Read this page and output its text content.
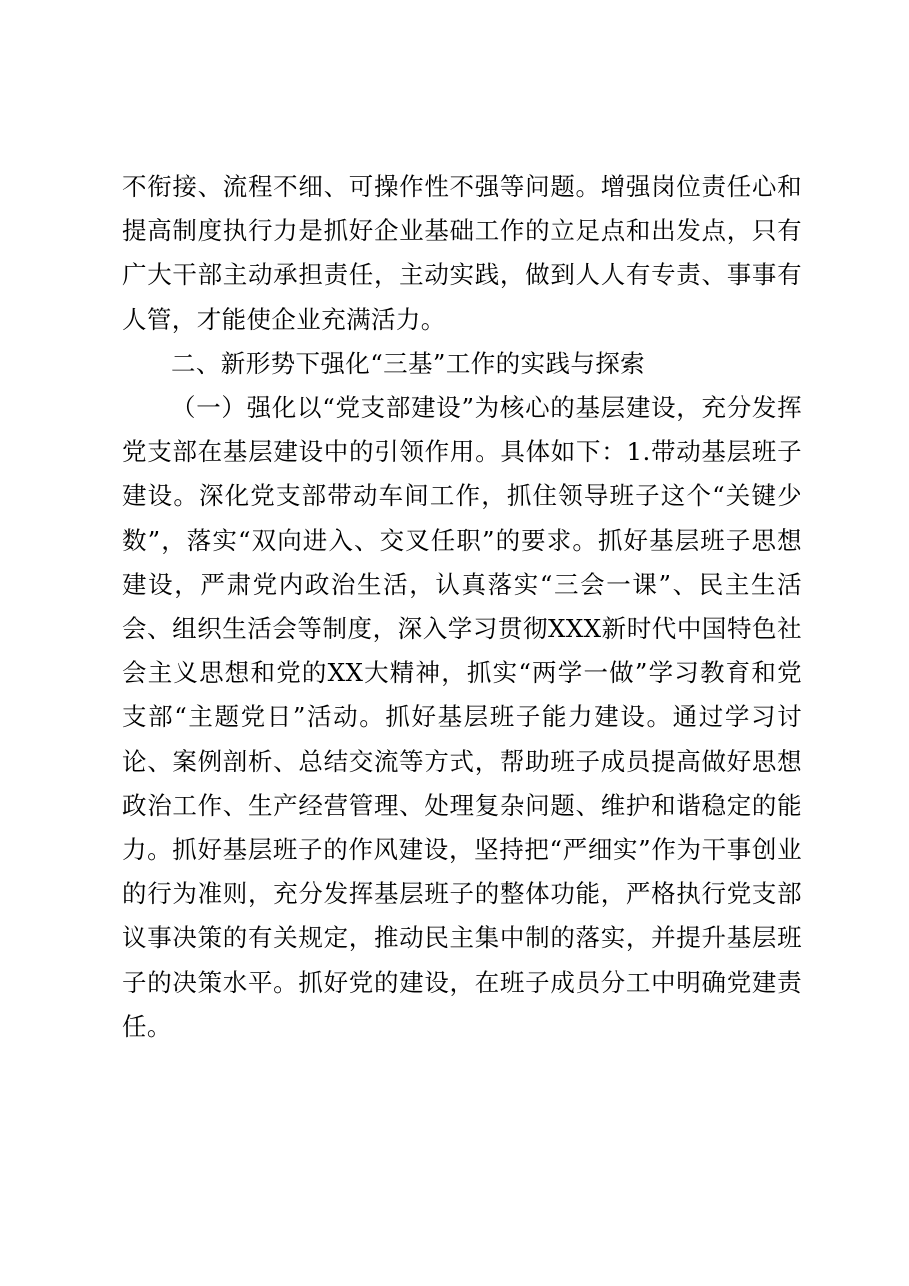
不衔接、流程不细、可操作性不强等问题。增强岗位责任心和提高制度执行力是抓好企业基础工作的立足点和出发点，只有广大干部主动承担责任，主动实践，做到人人有专责、事事有人管，才能使企业充满活力。

二、新形势下强化“三基”工作的实践与探索

（一）强化以“党支部建设”为核心的基层建设，充分发挥党支部在基层建设中的引领作用。具体如下：1.带动基层班子建设。深化党支部带动车间工作，抓住领导班子这个“关键少数”，落实“双向进入、交叉任职”的要求。抓好基层班子思想建设，严肃党内政治生活，认真落实“三会一课”、民主生活会、组织生活会等制度，深入学习贯彻XXX新时代中国特色社会主义思想和党的XX大精神，抓实“两学一做”学习教育和党支部“主题党日”活动。抓好基层班子能力建设。通过学习讨论、案例剖析、总结交流等方式，帮助班子成员提高做好思想政治工作、生产经营管理、处理复杂问题、维护和谐稳定的能力。抓好基层班子的作风建设，坚持把“严细实”作为干事创业的行为准则，充分发挥基层班子的整体功能，严格执行党支部议事决策的有关规定，推动民主集中制的落实，并提升基层班子的决策水平。抓好党的建设，在班子成员分工中明确党建责任。
